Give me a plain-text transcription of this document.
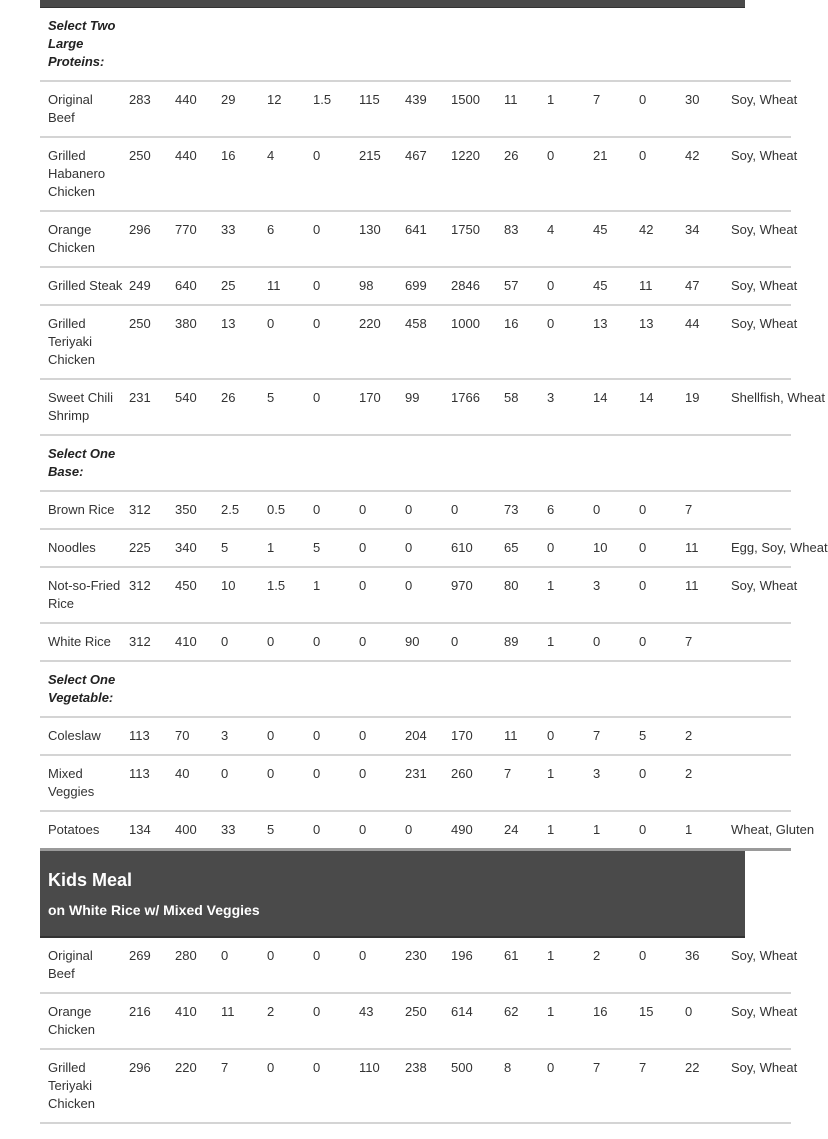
Select Two Large Proteins:														
Original Beef	283	440	29	12	1.5	115	439	1500	11	1	7	0	30	Soy, Wheat
Grilled Habanero Chicken	250	440	16	4	0	215	467	1220	26	0	21	0	42	Soy, Wheat
Orange Chicken	296	770	33	6	0	130	641	1750	83	4	45	42	34	Soy, Wheat
Grilled Steak	249	640	25	11	0	98	699	2846	57	0	45	11	47	Soy, Wheat
Grilled Teriyaki Chicken	250	380	13	0	0	220	458	1000	16	0	13	13	44	Soy, Wheat
Sweet Chili Shrimp	231	540	26	5	0	170	99	1766	58	3	14	14	19	Shellfish, Wheat
Select One Base:														
Brown Rice	312	350	2.5	0.5	0	0	0	0	73	6	0	0	7	
Noodles	225	340	5	1	5	0	0	610	65	0	10	0	11	Egg, Soy, Wheat
Not-so-Fried Rice	312	450	10	1.5	1	0	0	970	80	1	3	0	11	Soy, Wheat
White Rice	312	410	0	0	0	0	90	0	89	1	0	0	7	
Select One Vegetable:														
Coleslaw	113	70	3	0	0	0	204	170	11	0	7	5	2	
Mixed Veggies	113	40	0	0	0	0	231	260	7	1	3	0	2	
Potatoes	134	400	33	5	0	0	0	490	24	1	1	0	1	Wheat, Gluten
Kids Meal
on White Rice w/ Mixed Veggies
Original Beef	269	280	0	0	0	0	230	196	61	1	2	0	36	Soy, Wheat
Orange Chicken	216	410	11	2	0	43	250	614	62	1	16	15	0	Soy, Wheat
Grilled Teriyaki Chicken	296	220	7	0	0	110	238	500	8	0	7	7	22	Soy, Wheat
